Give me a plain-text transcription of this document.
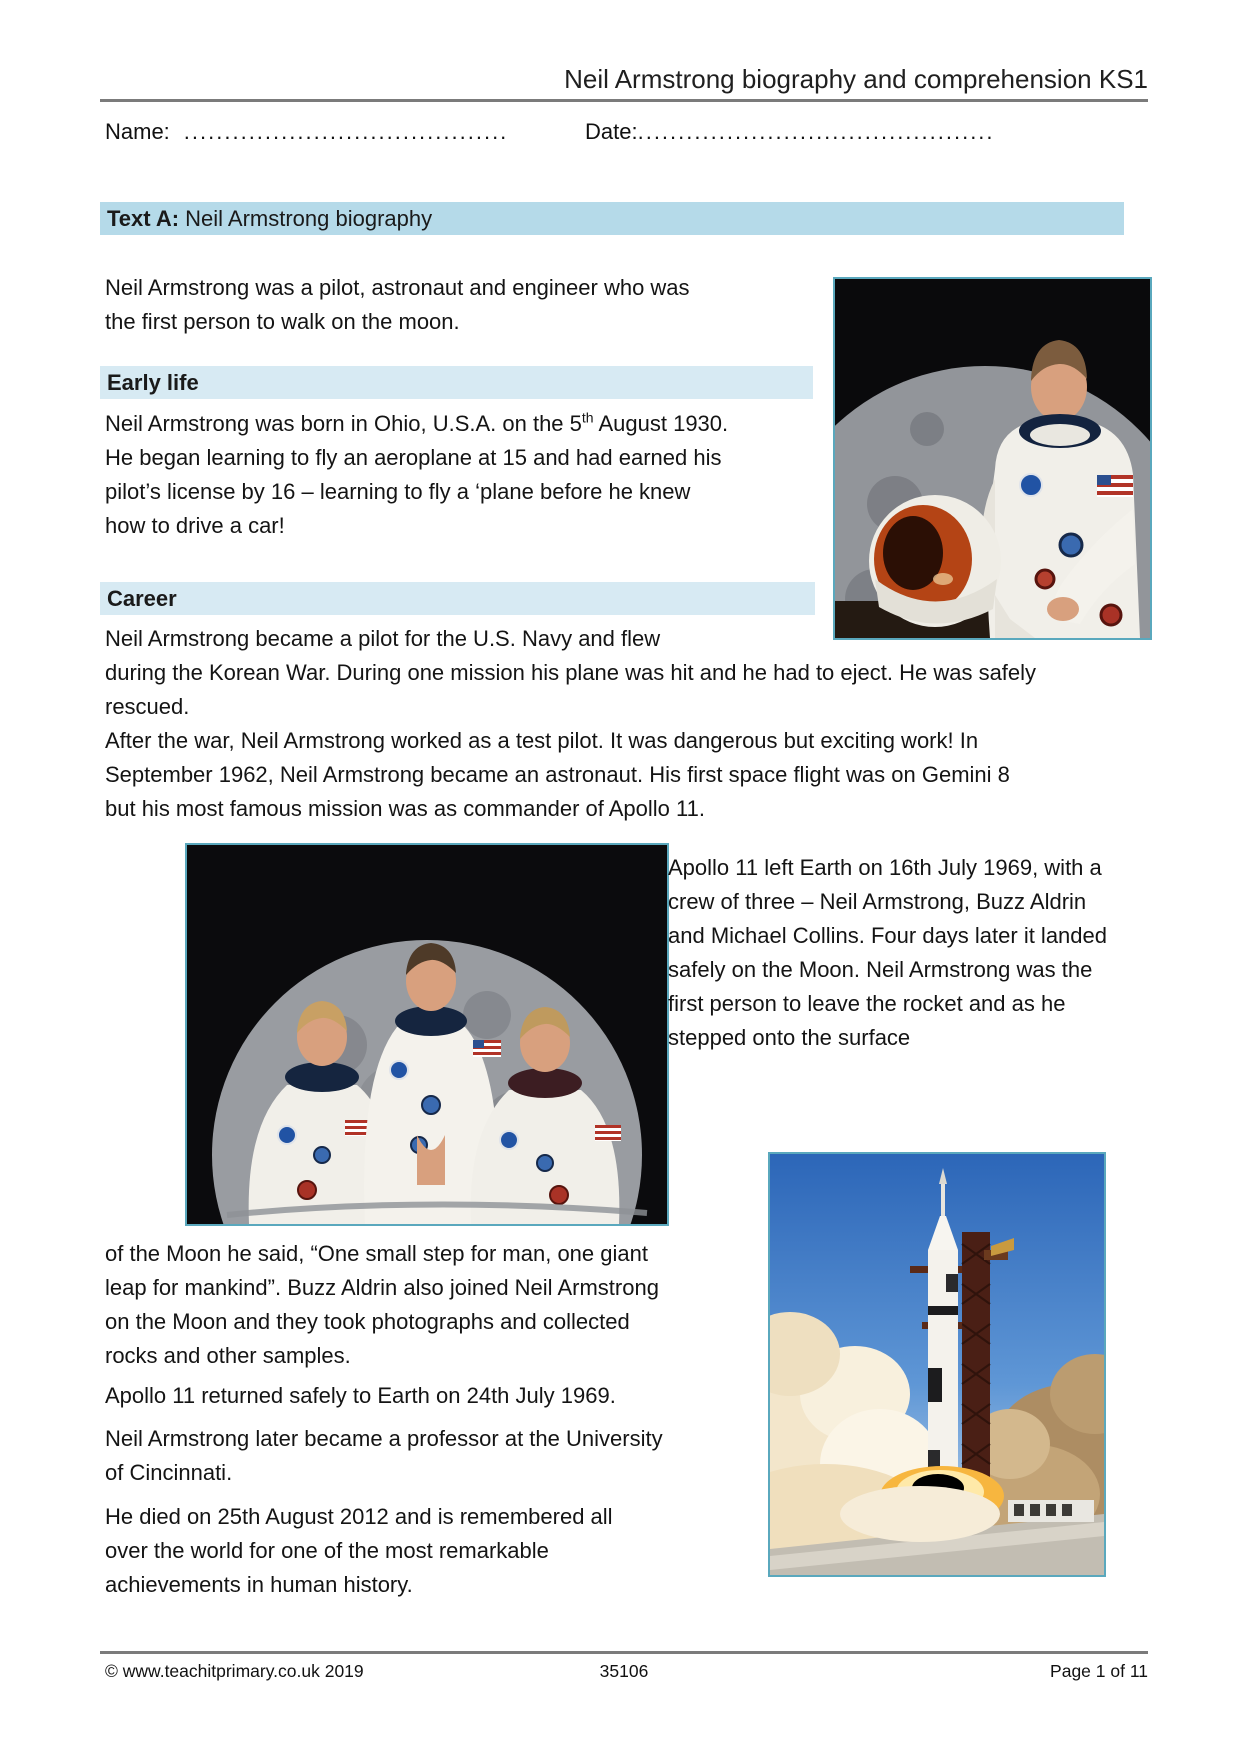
Neil Armstrong biography and comprehension KS1
Name: ........................................	Date:............................................
Text A: Neil Armstrong biography
Neil Armstrong was a pilot, astronaut and engineer who was the first person to walk on the moon.
Early life
Neil Armstrong was born in Ohio, U.S.A. on the 5th August 1930. He began learning to fly an aeroplane at 15 and had earned his pilot’s license by 16 – learning to fly a ‘plane before he knew how to drive a car!
Career
Neil Armstrong became a pilot for the U.S. Navy and flew during the Korean War. During one mission his plane was hit and he had to eject. He was safely rescued.
After the war, Neil Armstrong worked as a test pilot. It was dangerous but exciting work! In September 1962, Neil Armstrong became an astronaut. His first space flight was on Gemini 8 but his most famous mission was as commander of Apollo 11.
Apollo 11 left Earth on 16th July 1969, with a crew of three – Neil Armstrong, Buzz Aldrin and Michael Collins. Four days later it landed safely on the Moon. Neil Armstrong was the first person to leave the rocket and as he stepped onto the surface
of the Moon he said, “One small step for man, one giant leap for mankind”. Buzz Aldrin also joined Neil Armstrong on the Moon and they took photographs and collected rocks and other samples.
Apollo 11 returned safely to Earth on 24th July 1969.
Neil Armstrong later became a professor at the University of Cincinnati.
He died on 25th August 2012 and is remembered all over the world for one of the most remarkable achievements in human history.
35106
© www.teachitprimary.co.uk 2019	Page 1 of 11
